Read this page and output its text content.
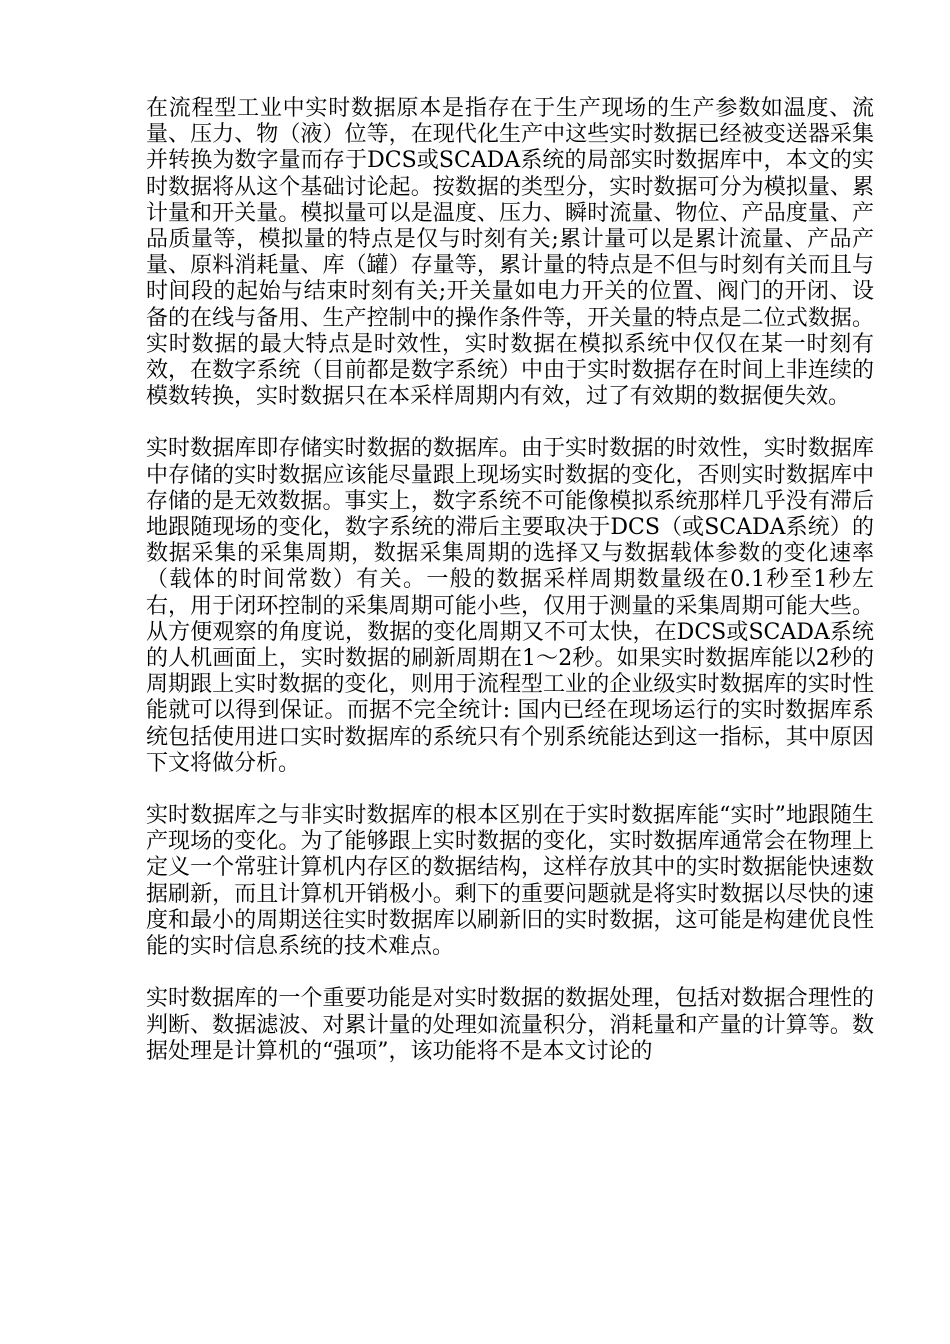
在流程型工业中实时数据原本是指存在于生产现场的生产参数如温度、流量、压力、物（液）位等，在现代化生产中这些实时数据已经被变送器采集并转换为数字量而存于DCS或SCADA系统的局部实时数据库中，本文的实时数据将从这个基础讨论起。按数据的类型分，实时数据可分为模拟量、累计量和开关量。模拟量可以是温度、压力、瞬时流量、物位、产品度量、产品质量等，模拟量的特点是仅与时刻有关;累计量可以是累计流量、产品产量、原料消耗量、库（罐）存量等，累计量的特点是不但与时刻有关而且与时间段的起始与结束时刻有关;开关量如电力开关的位置、阀门的开闭、设备的在线与备用、生产控制中的操作条件等，开关量的特点是二位式数据。实时数据的最大特点是时效性，实时数据在模拟系统中仅仅在某一时刻有效，在数字系统（目前都是数字系统）中由于实时数据存在时间上非连续的模数转换，实时数据只在本采样周期内有效，过了有效期的数据便失效。

实时数据库即存储实时数据的数据库。由于实时数据的时效性，实时数据库中存储的实时数据应该能尽量跟上现场实时数据的变化，否则实时数据库中存储的是无效数据。事实上，数字系统不可能像模拟系统那样几乎没有滞后地跟随现场的变化，数字系统的滞后主要取决于DCS（或SCADA系统）的数据采集的采集周期，数据采集周期的选择又与数据载体参数的变化速率（载体的时间常数）有关。一般的数据采样周期数量级在0.1秒至1秒左右，用于闭环控制的采集周期可能小些，仅用于测量的采集周期可能大些。从方便观察的角度说，数据的变化周期又不可太快，在DCS或SCADA系统的人机画面上，实时数据的刷新周期在1～2秒。如果实时数据库能以2秒的周期跟上实时数据的变化，则用于流程型工业的企业级实时数据库的实时性能就可以得到保证。而据不完全统计: 国内已经在现场运行的实时数据库系统包括使用进口实时数据库的系统只有个别系统能达到这一指标，其中原因下文将做分析。

实时数据库之与非实时数据库的根本区别在于实时数据库能“实时”地跟随生产现场的变化。为了能够跟上实时数据的变化，实时数据库通常会在物理上定义一个常驻计算机内存区的数据结构，这样存放其中的实时数据能快速数据刷新，而且计算机开销极小。剩下的重要问题就是将实时数据以尽快的速度和最小的周期送往实时数据库以刷新旧的实时数据，这可能是构建优良性能的实时信息系统的技术难点。

实时数据库的一个重要功能是对实时数据的数据处理，包括对数据合理性的判断、数据滤波、对累计量的处理如流量积分，消耗量和产量的计算等。数据处理是计算机的“强项”，该功能将不是本文讨论的
